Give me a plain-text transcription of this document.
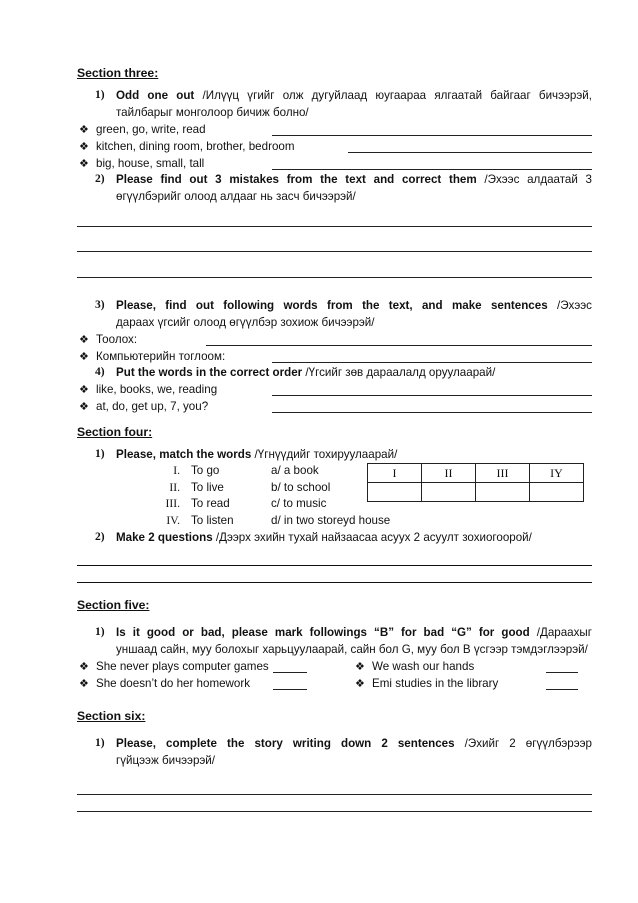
Section three:
1) Odd one out /Илүүц үгийг олж дугуйлаад юугаараа ялгаатай байгааг бичээрэй,
тайлбарыг монголоор бичиж болно/
❖ green, go, write, read
❖ kitchen, dining room, brother, bedroom
❖ big, house, small, tall
2) Please find out 3 mistakes from the text and correct them /Эхээс алдаатай 3
өгүүлбэрийг олоод алдааг нь засч бичээрэй/
3) Please, find out following words from the text, and make sentences /Эхээс
дараах үгсийг олоод өгүүлбэр зохиож бичээрэй/
❖ Тоолох:
❖ Компьютерийн тоглоом:
4) Put the words in the correct order /Үгсийг зөв дараалалд оруулаарай/
❖ like, books, we, reading
❖ at, do, get up, 7, you?
Section four:
1) Please, match the words /Үгнүүдийг тохируулаарай/
I. To go	a/ a book
II. To live	b/ to school
III. To read	c/ to music
IV. To listen	d/ in two storeyd house
I	II	III	IY

2) Make 2 questions /Дээрх эхийн тухай найзаасаа асуух 2 асуулт зохиогоорой/
Section five:
1) Is it good or bad, please mark followings “B” for bad “G” for good /Дараахыг
уншаад сайн, муу болохыг харьцуулаарай, сайн бол G, муу бол B үсгээр тэмдэглээрэй/
❖ She never plays computer games	❖ We wash our hands
❖ She doesn’t do her homework	❖ Emi studies in the library
Section six:
1) Please, complete the story writing down 2 sentences /Эхийг 2 өгүүлбэрээр
гүйцээж бичээрэй/
